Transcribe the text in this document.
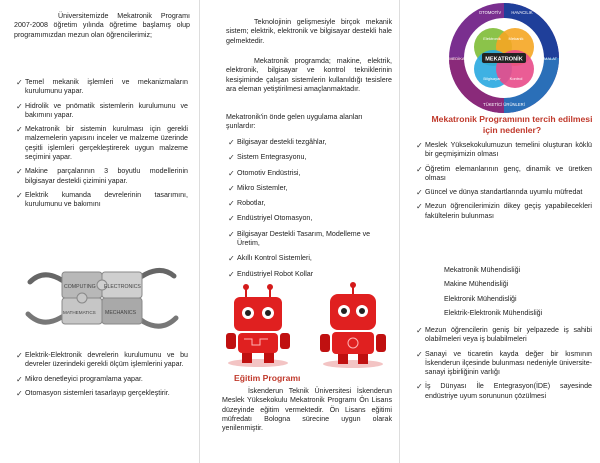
Üniversitemizde Mekatronik Programı 2007-2008 öğretim yılında öğretime başlamış olup programımızdan mezun olan öğrencilerimiz;

✓ Temel mekanik işlemleri ve mekanizmaların kurulumunu yapar.
✓ Hidrolik ve pnömatik sistemlerin kurulumunu ve bakımını yapar.
✓ Mekatronik bir sistemin kurulması için gerekli malzemelerin yapısını inceler ve malzeme üzerinde çeşitli işlemleri gerçekleştirerek uygun malzeme seçimini yapar.
✓ Makine parçalarının 3 boyutlu modellerinin bilgisayar destekli çizimini yapar.
✓ Elektrik kumanda devrelerinin tasarımını, kurulumunu ve bakımını
ELECTRONICS
COMPUTING
MECHANICS
MATHEMATICS
✓ Elektrik-Elektronik devrelerin kurulumunu ve bu devreler üzerindeki gerekli ölçüm işlemlerini yapar.
✓ Mikro denetleyici programlama yapar.
✓ Otomasyon sistemleri tasarlayıp gerçekleştirir.

Teknolojinin gelişmesiyle birçok mekanik sistem; elektrik, elektronik ve bilgisayar destekli hale gelmektedir.

Mekatronik programda; makine, elektrik, elektronik, bilgisayar ve kontrol tekniklerinin kesişiminde çalışan sistemlerin kullanıldığı tesislere ara eleman yetiştirilmesi amaçlanmaktadır.

Mekatronik'in önde gelen uygulama alanları şunlardır:

✓ Bilgisayar destekli tezgâhlar,
✓ Sistem Entegrasyonu,
✓ Otomotiv Endüstrisi,
✓ Mikro Sistemler,
✓ Robotlar,
✓ Endüstriyel Otomasyon,
✓ Bilgisayar Destekli Tasarım, Modelleme ve Üretim,
✓ Akıllı Kontrol Sistemleri,
✓ Endüstriyel Robot Kollar
Eğitim Programı

İskenderun Teknik Üniversitesi İskenderun Meslek Yüksekokulu Mekatronik Programı Ön Lisans düzeyinde eğitim vermektedir. Ön Lisans eğitimi müfredatı Bologna sürecine uygun olarak yenilenmiştir.

MEKATRONİK
Elektronik Mekanik
Bilgisayar Kontrol
OTOMOTİV HAVACILIK
TÜKETİCİ ÜRÜNLERİ
MEDİKAL	İMALAT
Mekatronik Programının tercih edilmesi için nedenler?
✓ Meslek Yüksekokulumuzun temelini oluşturan köklü bir geçmişimizin olması
✓ Öğretim elemanlarının genç, dinamik ve üretken olması
✓ Güncel ve dünya standartlarında uyumlu müfredat
✓ Mezun öğrencilerimizin dikey geçiş yapabilecekleri fakültelerin bulunması
Mekatronik Mühendisliği
Makine Mühendisliği
Elektronik Mühendisliği
Elektrik-Elektronik Mühendisliği
✓ Mezun öğrencilerin geniş bir yelpazede iş sahibi olabilmeleri veya iş bulabilmeleri
✓ Sanayi ve ticaretin kayda değer bir kısmının İskenderun ilçesinde bulunması nedeniyle üniversite-sanayi işbirliğinin varlığı
✓ İş Dünyası İle Entegrasyon(İDE) sayesinde endüstriye uyum sorununun çözülmesi
